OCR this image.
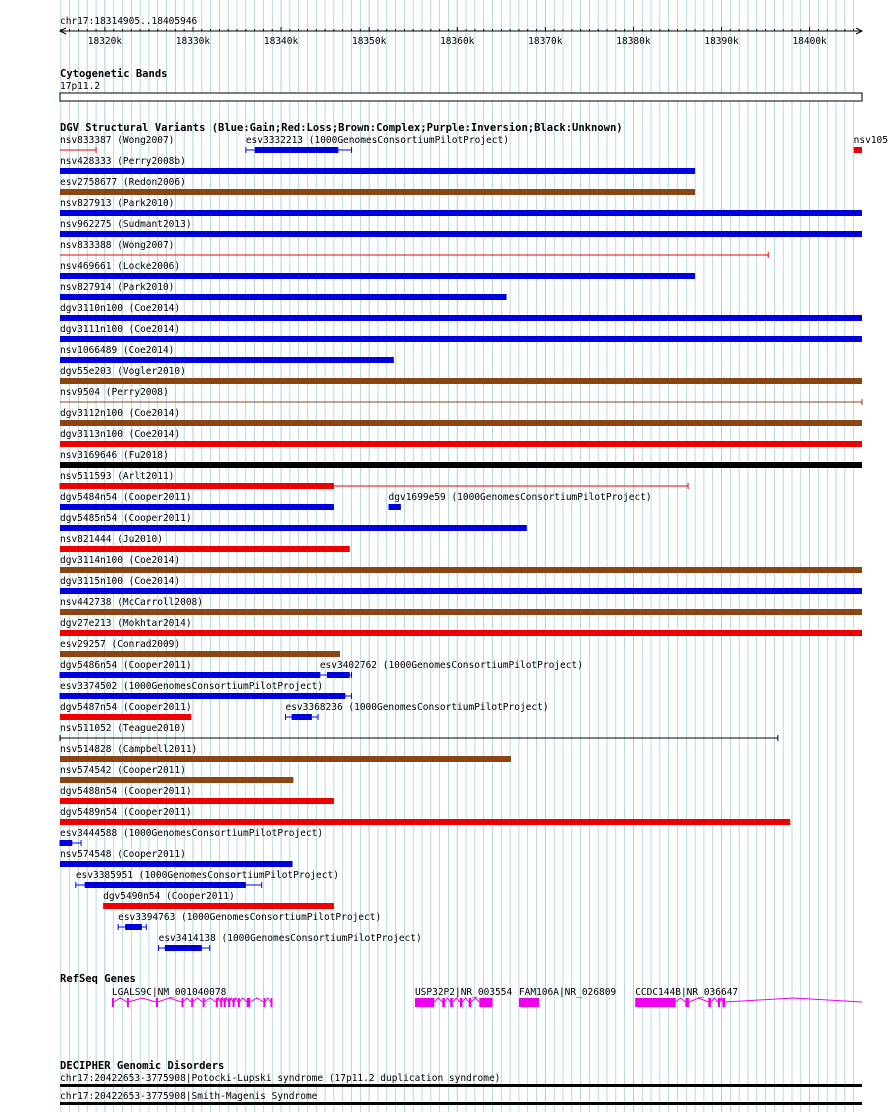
chr17:18314905..18405946
18320k	18330k	18340k	18350k	18360k	18370k	18380k	18390k	18400k
Cytogenetic Bands
17p11.2
DGV Structural Variants (Blue:Gain;Red:Loss;Brown:Complex;Purple:Inversion;Black:Unknown)
nsv833387 (Wong2007)	esv3332213 (1000GenomesConsortiumPilotProject)	nsv105
nsv428333 (Perry2008b)
esv2758677 (Redon2006)
nsv827913 (Park2010)
nsv962275 (Sudmant2013)
nsv833388 (Wong2007)
nsv469661 (Locke2006)
nsv827914 (Park2010)
dgv3110n100 (Coe2014)
dgv3111n100 (Coe2014)
nsv1066489 (Coe2014)
dgv55e203 (Vogler2010)
nsv9504 (Perry2008)
dgv3112n100 (Coe2014)
dgv3113n100 (Coe2014)
nsv3169646 (Fu2018)
nsv511593 (Arlt2011)
dgv5484n54 (Cooper2011)	dgv1699e59 (1000GenomesConsortiumPilotProject)
dgv5485n54 (Cooper2011)
nsv821444 (Ju2010)
dgv3114n100 (Coe2014)
dgv3115n100 (Coe2014)
nsv442738 (McCarroll2008)
dgv27e213 (Mokhtar2014)
esv29257 (Conrad2009)
dgv5486n54 (Cooper2011)	esv3402762 (1000GenomesConsortiumPilotProject)
esv3374502 (1000GenomesConsortiumPilotProject)
dgv5487n54 (Cooper2011)	esv3368236 (1000GenomesConsortiumPilotProject)
nsv511052 (Teague2010)
nsv514828 (Campbell2011)
nsv574542 (Cooper2011)
dgv5488n54 (Cooper2011)
dgv5489n54 (Cooper2011)
esv3444588 (1000GenomesConsortiumPilotProject)
nsv574548 (Cooper2011)
esv3385951 (1000GenomesConsortiumPilotProject)
dgv5490n54 (Cooper2011)
esv3394763 (1000GenomesConsortiumPilotProject)
esv3414138 (1000GenomesConsortiumPilotProject)
RefSeq Genes
LGALS9C|NM_001040078	USP32P2|NR_003554 FAM106A|NR_026809 CCDC144B|NR_036647
DECIPHER Genomic Disorders
chr17:20422653-3775908|Potocki-Lupski syndrome (17p11.2 duplication syndrome)
chr17:20422653-3775908|Smith-Magenis Syndrome
